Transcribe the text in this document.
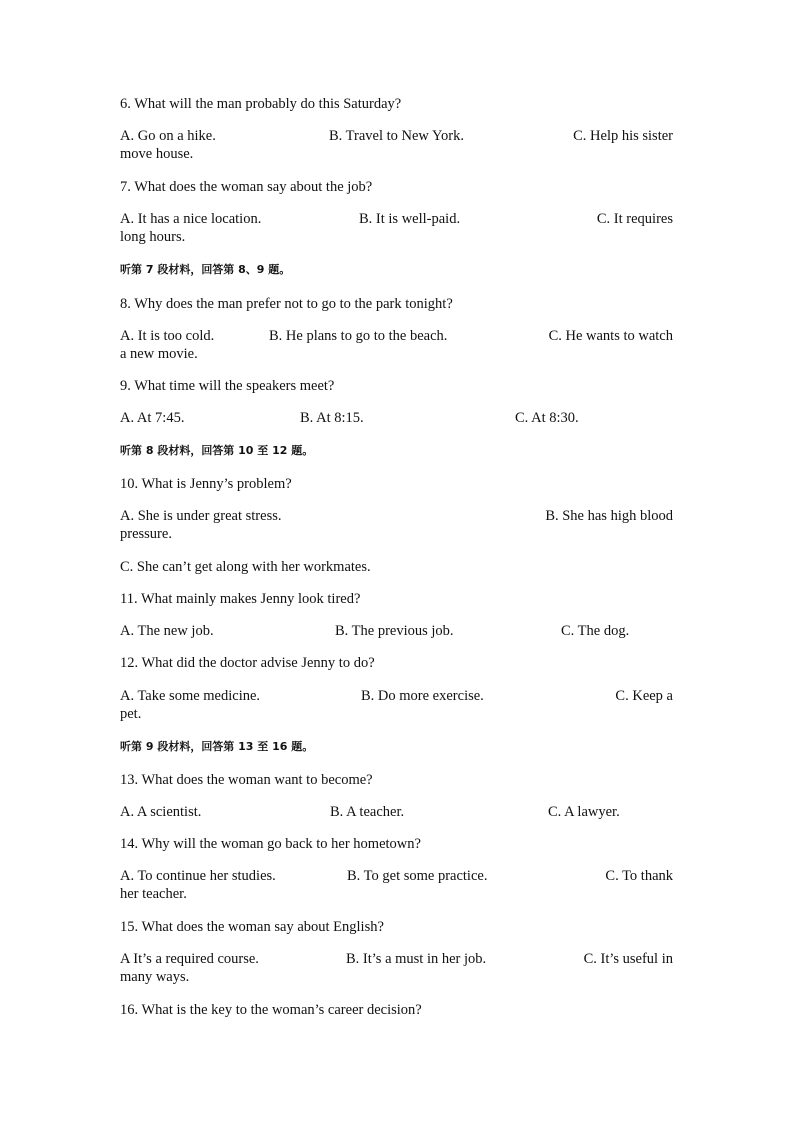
6. What will the man probably do this Saturday?
A. Go on a hike.	B. Travel to New York.	C. Help his sister
move house.
7. What does the woman say about the job?
A. It has a nice location.	B. It is well-paid.	C. It requires
long hours.
听第 7 段材料，回答第 8、9 题。
8. Why does the man prefer not to go to the park tonight?
A. It is too cold.	B. He plans to go to the beach.	C. He wants to watch
a new movie.
9. What time will the speakers meet?
A. At 7:45.	B. At 8:15.	C. At 8:30.
听第 8 段材料，回答第 10 至 12 题。
10. What is Jenny’s problem?
A. She is under great stress.	B. She has high blood
pressure.
C. She can’t get along with her workmates.
11. What mainly makes Jenny look tired?
A. The new job.	B. The previous job.	C. The dog.
12. What did the doctor advise Jenny to do?
A. Take some medicine.	B. Do more exercise.	C. Keep a
pet.
听第 9 段材料，回答第 13 至 16 题。
13. What does the woman want to become?
A. A scientist.	B. A teacher.	C. A lawyer.
14. Why will the woman go back to her hometown?
A. To continue her studies.	B. To get some practice.	C. To thank
her teacher.
15. What does the woman say about English?
A It’s a required course.	B. It’s a must in her job.	C. It’s useful in
many ways.
16. What is the key to the woman’s career decision?
